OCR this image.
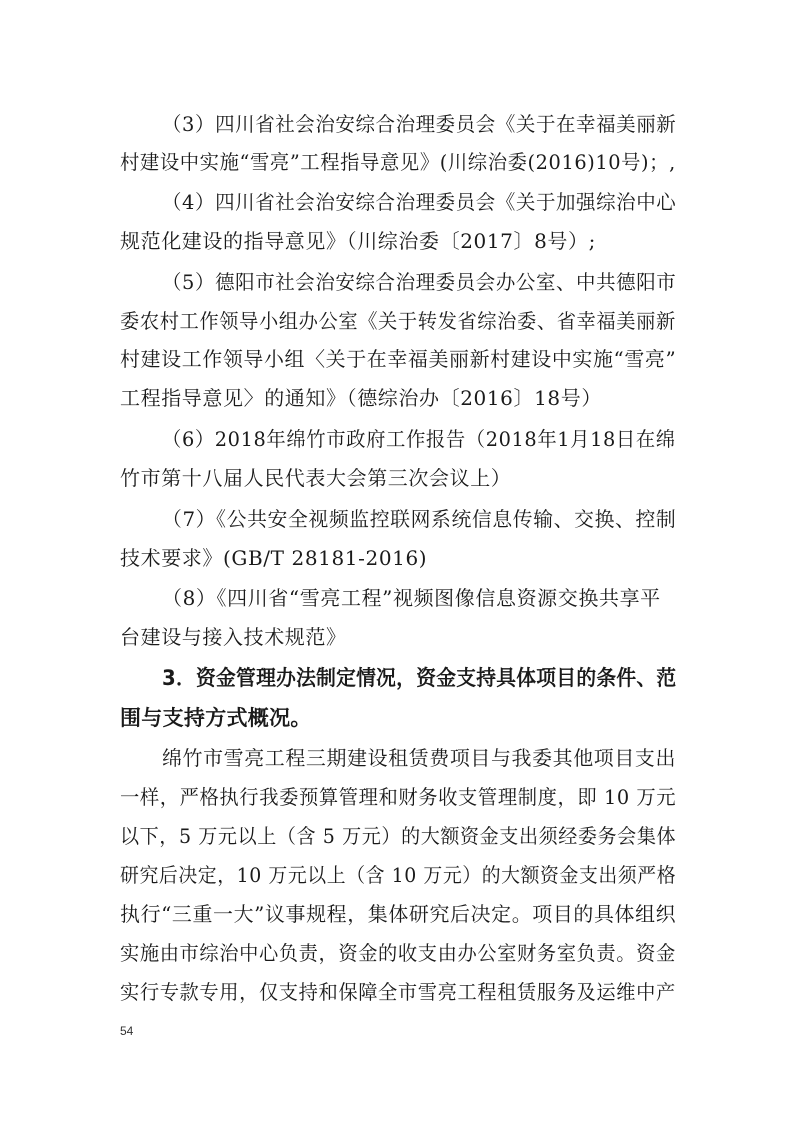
（3）四川省社会治安综合治理委员会《关于在幸福美丽新
村建设中实施“雪亮”工程指导意见》(川综治委(2016)10号)；,
（4）四川省社会治安综合治理委员会《关于加强综治中心
规范化建设的指导意见》（川综治委〔2017〕8号）;
（5）德阳市社会治安综合治理委员会办公室、中共德阳市
委农村工作领导小组办公室《关于转发省综治委、省幸福美丽新
村建设工作领导小组〈关于在幸福美丽新村建设中实施“雪亮”
工程指导意见〉的通知》（德综治办〔2016〕18号）
（6）2018年绵竹市政府工作报告（2018年1月18日在绵
竹市第十八届人民代表大会第三次会议上）
（7）《公共安全视频监控联网系统信息传输、交换、控制
技术要求》(GB/T 28181-2016)
（8）《四川省“雪亮工程”视频图像信息资源交换共享平
台建设与接入技术规范》
3．资金管理办法制定情况，资金支持具体项目的条件、范
围与支持方式概况。
绵竹市雪亮工程三期建设租赁费项目与我委其他项目支出
一样，严格执行我委预算管理和财务收支管理制度，即 10 万元
以下，5 万元以上（含 5 万元）的大额资金支出须经委务会集体
研究后决定，10 万元以上（含 10 万元）的大额资金支出须严格
执行“三重一大”议事规程，集体研究后决定。项目的具体组织
实施由市综治中心负责，资金的收支由办公室财务室负责。资金
实行专款专用，仅支持和保障全市雪亮工程租赁服务及运维中产
54
